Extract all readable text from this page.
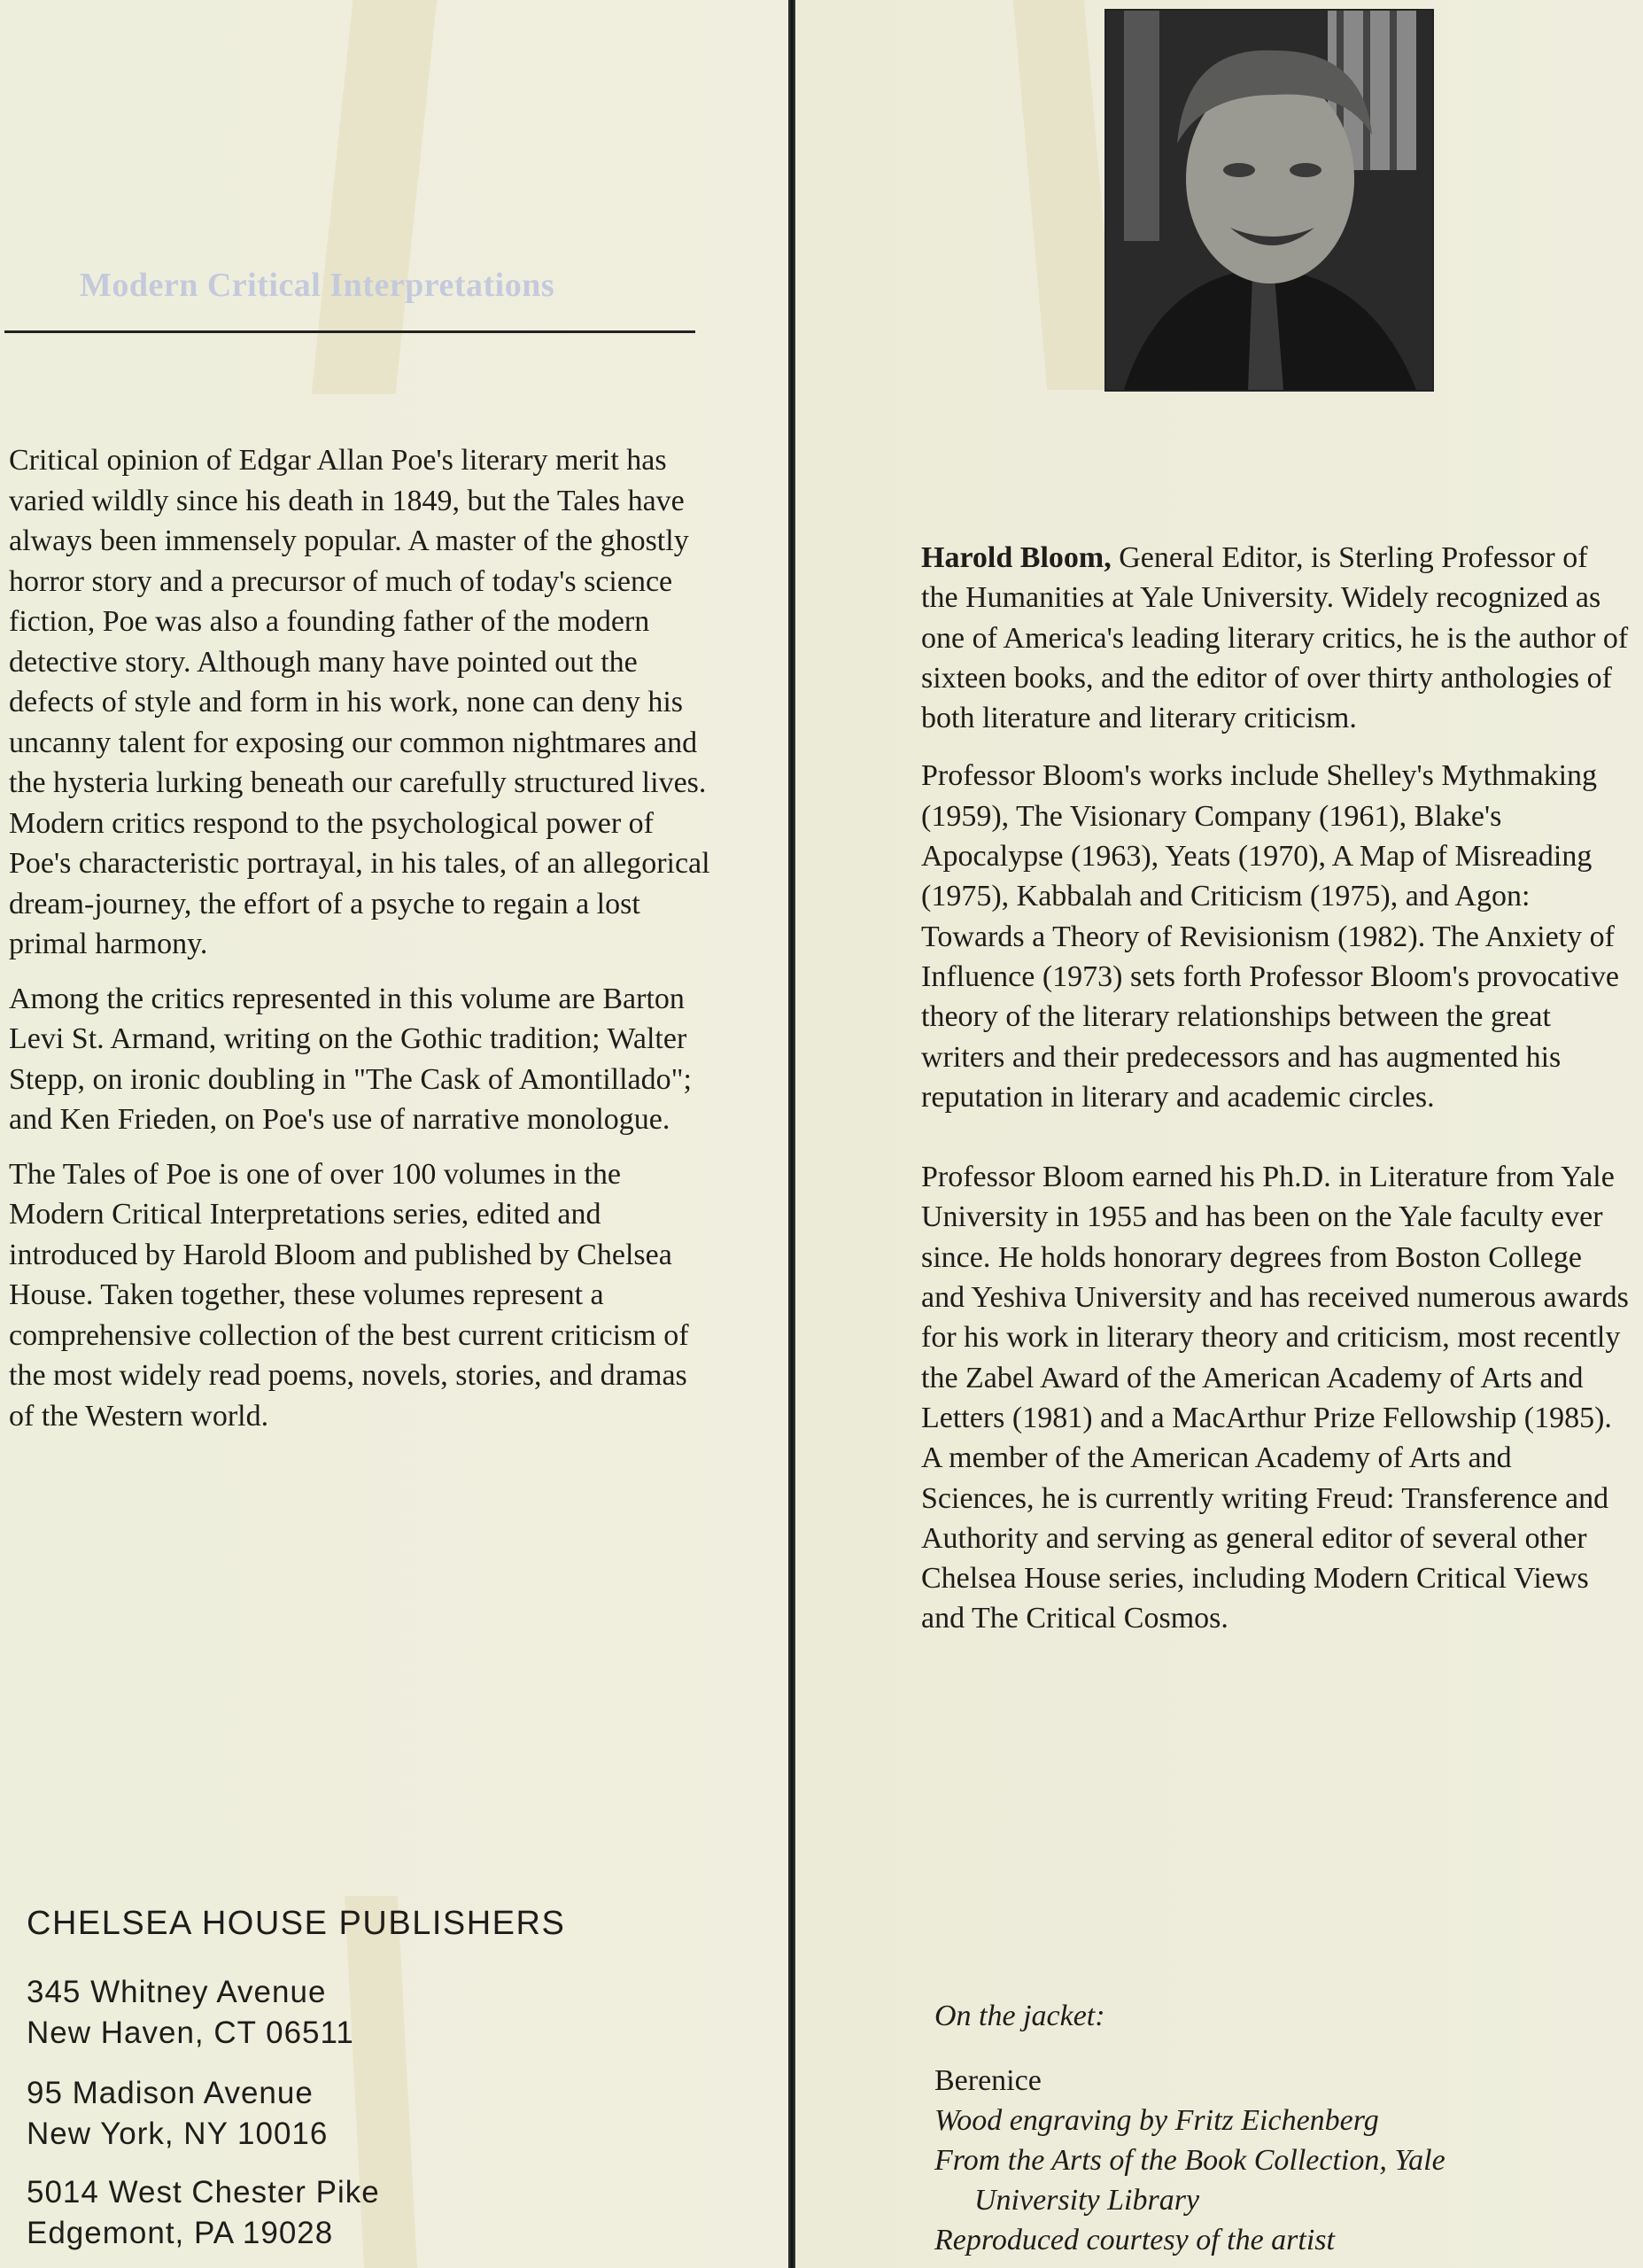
Modern Critical Interpretations

Critical opinion of Edgar Allan Poe's literary merit has varied wildly since his death in 1849, but the Tales have always been immensely popular. A master of the ghostly horror story and a precursor of much of today's science fiction, Poe was also a founding father of the modern detective story. Although many have pointed out the defects of style and form in his work, none can deny his uncanny talent for exposing our common nightmares and the hysteria lurking beneath our carefully structured lives. Modern critics respond to the psychological power of Poe's characteristic portrayal, in his tales, of an allegorical dream-journey, the effort of a psyche to regain a lost primal harmony.

Among the critics represented in this volume are Barton Levi St. Armand, writing on the Gothic tradition; Walter Stepp, on ironic doubling in "The Cask of Amontillado"; and Ken Frieden, on Poe's use of narrative monologue.

The Tales of Poe is one of over 100 volumes in the Modern Critical Interpretations series, edited and introduced by Harold Bloom and published by Chelsea House. Taken together, these volumes represent a comprehensive collection of the best current criticism of the most widely read poems, novels, stories, and dramas of the Western world.

CHELSEA HOUSE PUBLISHERS
345 Whitney Avenue
New Haven, CT 06511
95 Madison Avenue
New York, NY 10016
5014 West Chester Pike
Edgemont, PA 19028

Harold Bloom, General Editor, is Sterling Professor of the Humanities at Yale University. Widely recognized as one of America's leading literary critics, he is the author of sixteen books, and the editor of over thirty anthologies of both literature and literary criticism.

Professor Bloom's works include Shelley's Mythmaking (1959), The Visionary Company (1961), Blake's Apocalypse (1963), Yeats (1970), A Map of Misreading (1975), Kabbalah and Criticism (1975), and Agon: Towards a Theory of Revisionism (1982). The Anxiety of Influence (1973) sets forth Professor Bloom's provocative theory of the literary relationships between the great writers and their predecessors and has augmented his reputation in literary and academic circles.

Professor Bloom earned his Ph.D. in Literature from Yale University in 1955 and has been on the Yale faculty ever since. He holds honorary degrees from Boston College and Yeshiva University and has received numerous awards for his work in literary theory and criticism, most recently the Zabel Award of the American Academy of Arts and Letters (1981) and a MacArthur Prize Fellowship (1985). A member of the American Academy of Arts and Sciences, he is currently writing Freud: Transference and Authority and serving as general editor of several other Chelsea House series, including Modern Critical Views and The Critical Cosmos.

On the jacket:

Berenice

Wood engraving by Fritz Eichenberg

From the Arts of the Book Collection, Yale

University Library

Reproduced courtesy of the artist
